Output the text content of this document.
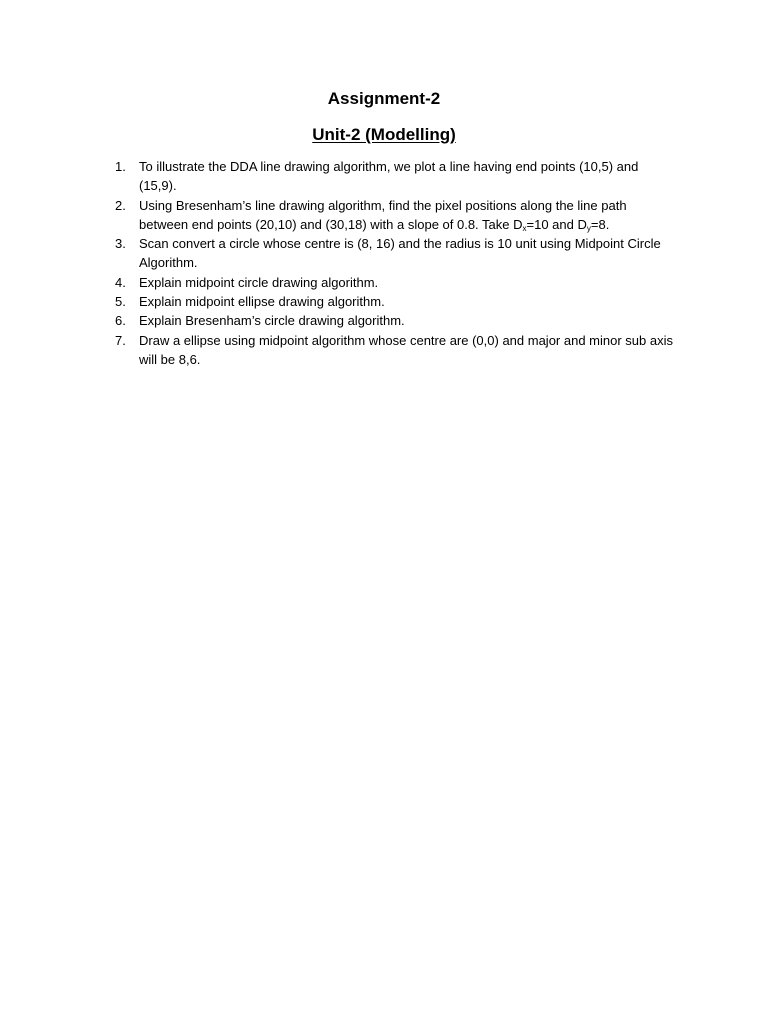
Assignment-2
Unit-2 (Modelling)
1. To illustrate the DDA line drawing algorithm, we plot a line having end points (10,5) and (15,9).
2. Using Bresenham’s line drawing algorithm, find the pixel positions along the line path between end points (20,10) and (30,18) with a slope of 0.8. Take $D_x=10$ and $D_y=8$.
3. Scan convert a circle whose centre is (8, 16) and the radius is 10 unit using Midpoint Circle Algorithm.
4. Explain midpoint circle drawing algorithm.
5. Explain midpoint ellipse drawing algorithm.
6. Explain Bresenham’s circle drawing algorithm.
7. Draw a ellipse using midpoint algorithm whose centre are (0,0) and major and minor sub axis will be 8,6.
